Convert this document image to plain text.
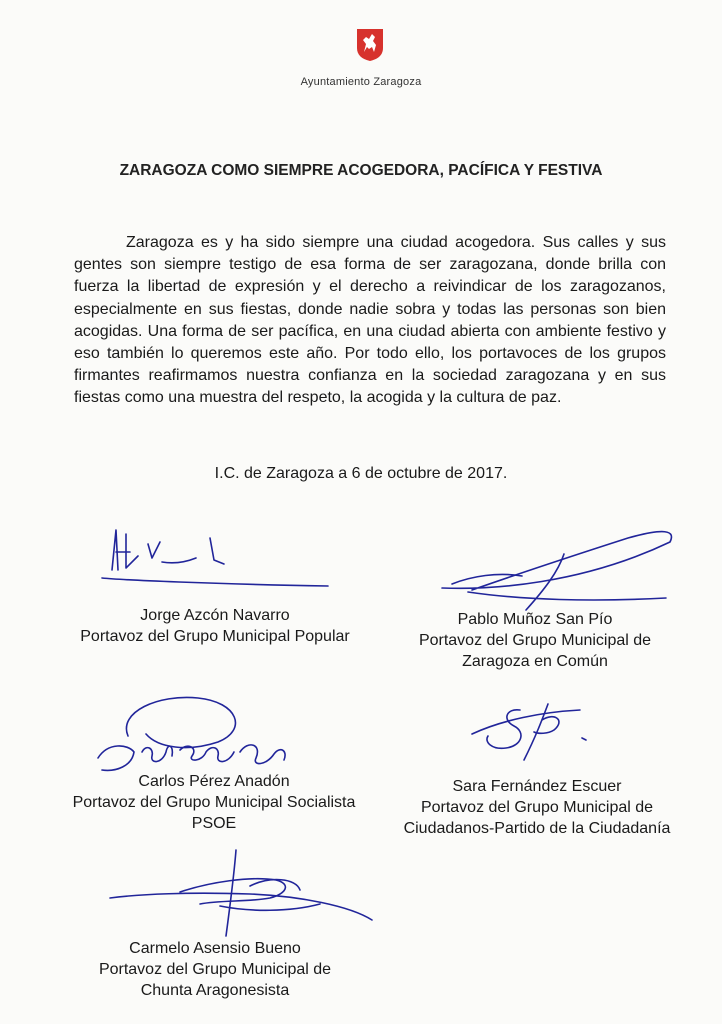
Ayuntamiento Zaragoza
ZARAGOZA COMO SIEMPRE ACOGEDORA, PACÍFICA Y FESTIVA
Zaragoza es y ha sido siempre una ciudad acogedora. Sus calles y sus gentes son siempre testigo de esa forma de ser zaragozana, donde brilla con fuerza la libertad de expresión y el derecho a reivindicar de los zaragozanos, especialmente en sus fiestas, donde nadie sobra y todas las personas son bien acogidas. Una forma de ser pacífica, en una ciudad abierta con ambiente festivo y eso también lo queremos este año. Por todo ello, los portavoces de los grupos firmantes reafirmamos nuestra confianza en la sociedad zaragozana y en sus fiestas como una muestra del respeto, la acogida y la cultura de paz.
I.C. de Zaragoza a 6 de octubre de 2017.
Jorge Azcón Navarro
Portavoz del Grupo Municipal Popular
Pablo Muñoz San Pío
Portavoz del Grupo Municipal de
Zaragoza en Común
Carlos Pérez Anadón
Portavoz del Grupo Municipal Socialista
PSOE
Sara Fernández Escuer
Portavoz del Grupo Municipal de
Ciudadanos-Partido de la Ciudadanía
Carmelo Asensio Bueno
Portavoz del Grupo Municipal de
Chunta Aragonesista
